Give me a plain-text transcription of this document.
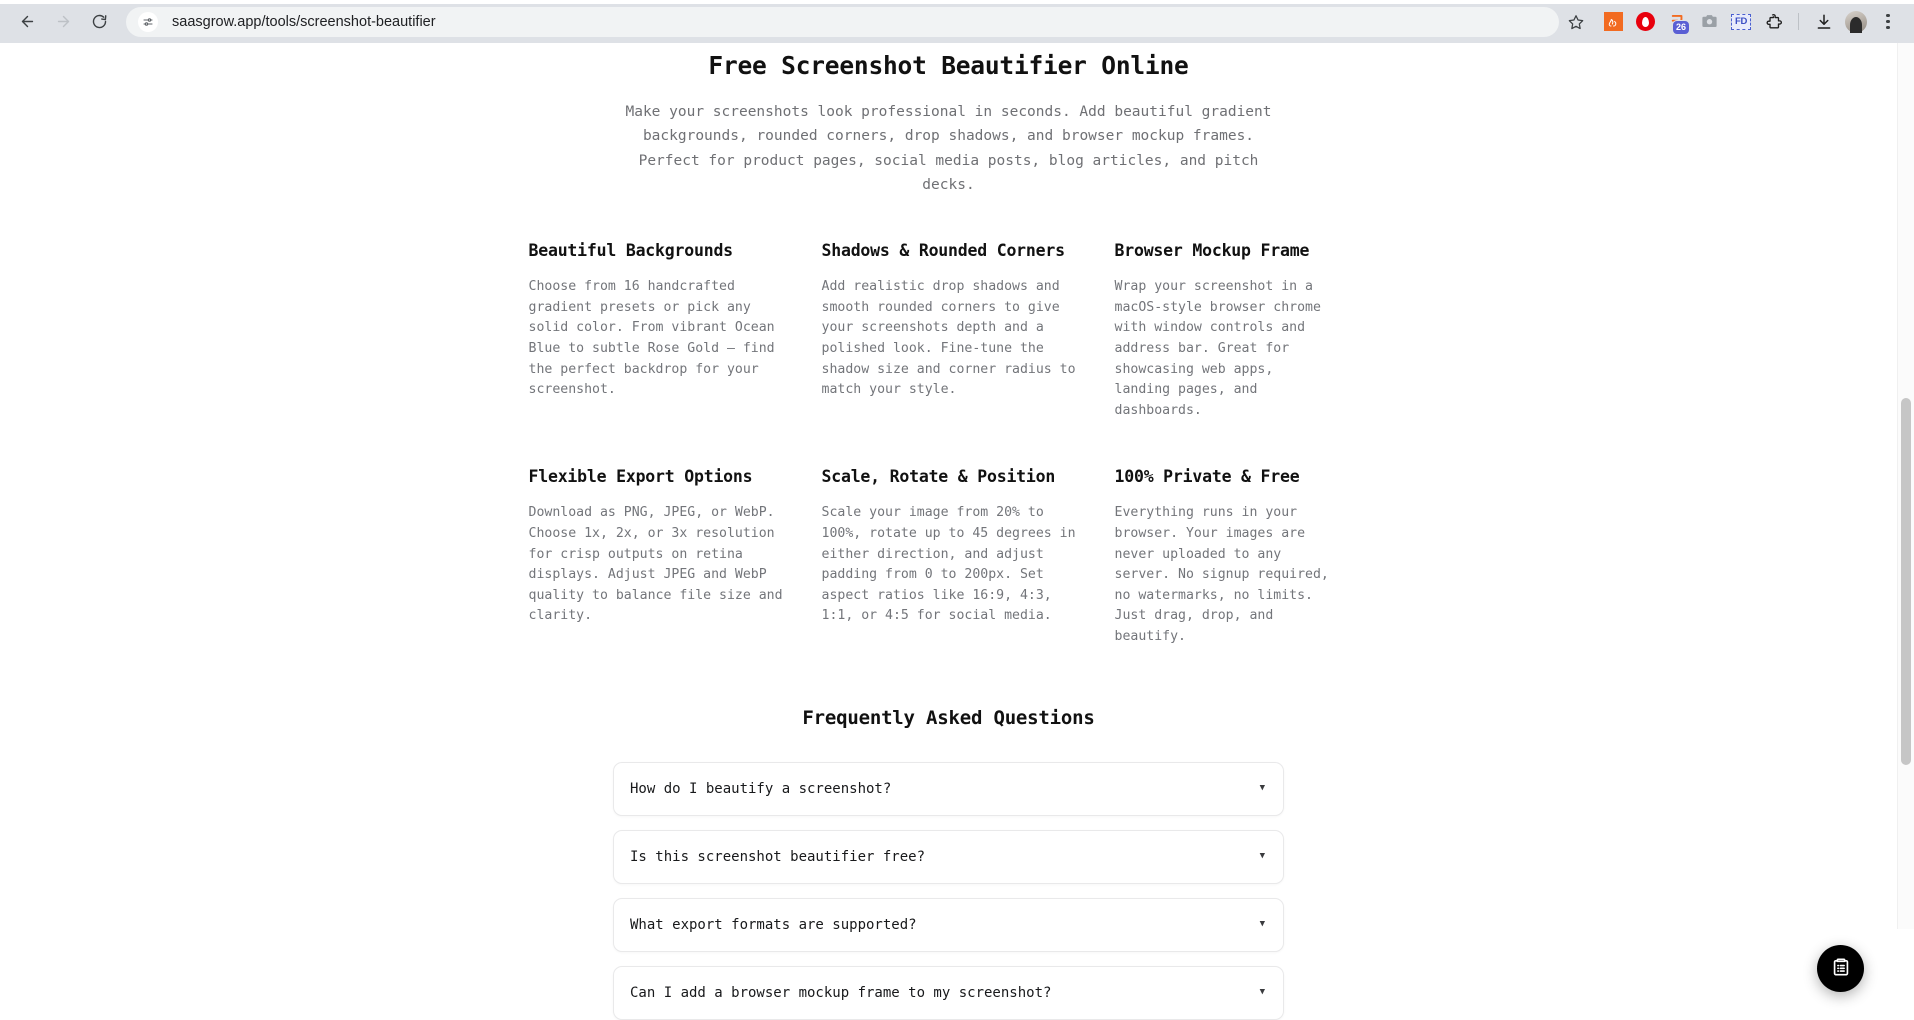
saasgrow.app/tools/screenshot-beautifier	26	FD
Free Screenshot Beautifier Online

Make your screenshots look professional in seconds. Add beautiful gradient backgrounds, rounded corners, drop shadows, and browser mockup frames. Perfect for product pages, social media posts, blog articles, and pitch decks.

Beautiful Backgrounds
Choose from 16 handcrafted gradient presets or pick any solid color. From vibrant Ocean Blue to subtle Rose Gold — find the perfect backdrop for your screenshot.
Shadows & Rounded Corners
Add realistic drop shadows and smooth rounded corners to give your screenshots depth and a polished look. Fine-tune the shadow size and corner radius to match your style.
Browser Mockup Frame
Wrap your screenshot in a macOS-style browser chrome with window controls and address bar. Great for showcasing web apps, landing pages, and dashboards.
Flexible Export Options
Download as PNG, JPEG, or WebP. Choose 1x, 2x, or 3x resolution for crisp outputs on retina displays. Adjust JPEG and WebP quality to balance file size and clarity.
Scale, Rotate & Position
Scale your image from 20% to 100%, rotate up to 45 degrees in either direction, and adjust padding from 0 to 200px. Set aspect ratios like 16:9, 4:3, 1:1, or 4:5 for social media.
100% Private & Free
Everything runs in your browser. Your images are never uploaded to any server. No signup required, no watermarks, no limits. Just drag, drop, and beautify.
Frequently Asked Questions
How do I beautify a screenshot?	▼
Is this screenshot beautifier free?	▼
What export formats are supported?	▼
Can I add a browser mockup frame to my screenshot?	▼
